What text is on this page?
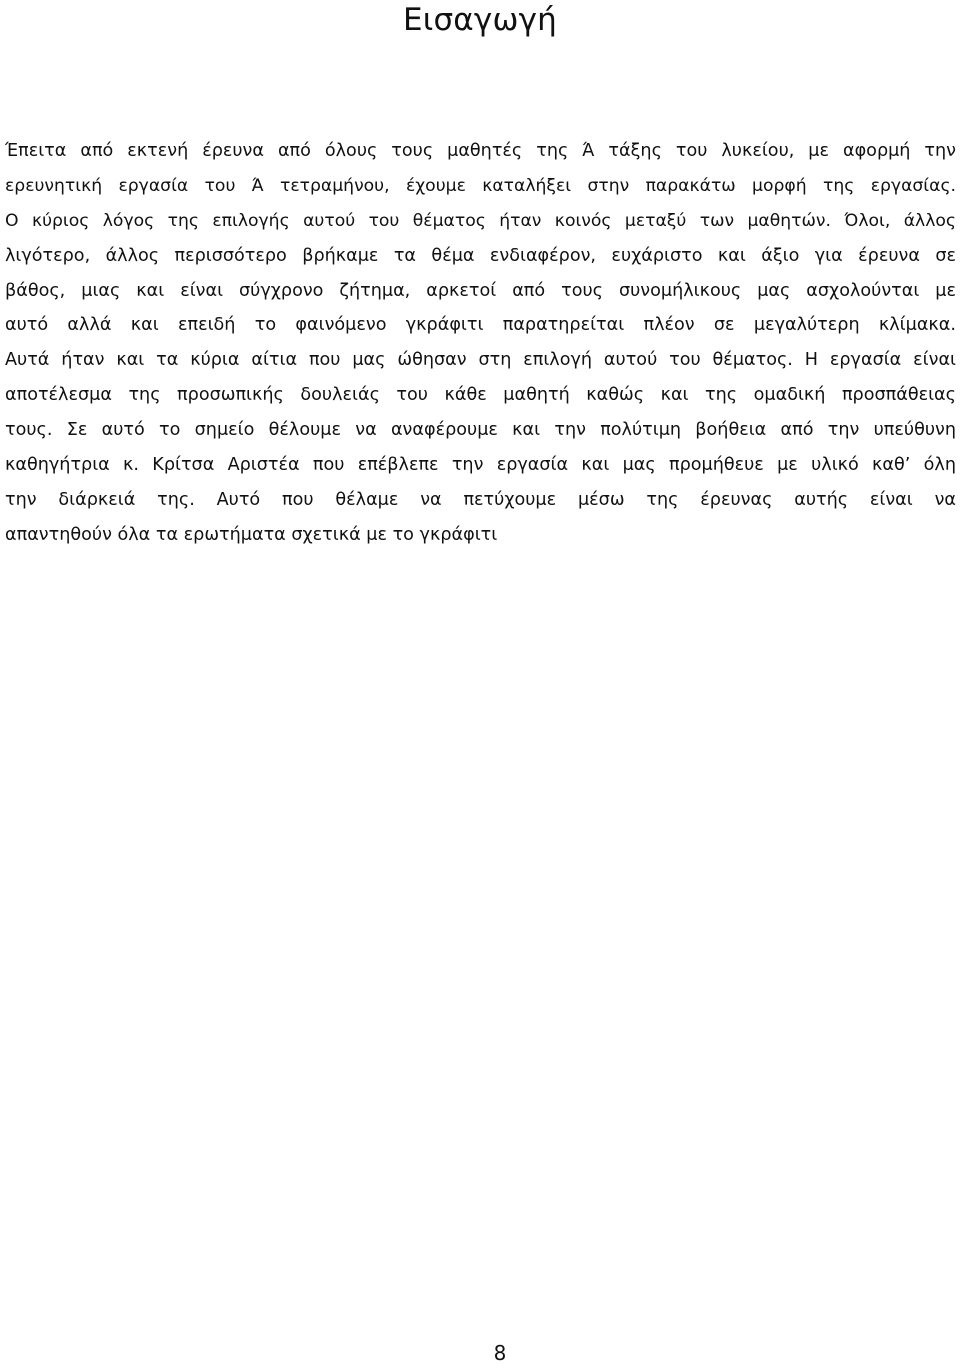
Εισαγωγή
Έπειτα από εκτενή έρευνα από όλους τους μαθητές της Ά τάξης του λυκείου, με αφορμή την
ερευνητική εργασία του Ά τετραμήνου, έχουμε καταλήξει στην παρακάτω μορφή της εργασίας.
Ο κύριος λόγος της επιλογής αυτού του θέματος ήταν κοινός μεταξύ των μαθητών. Όλοι, άλλος
λιγότερο, άλλος περισσότερο βρήκαμε τα θέμα ενδιαφέρον, ευχάριστο και άξιο για έρευνα σε
βάθος, μιας και είναι σύγχρονο ζήτημα, αρκετοί από τους συνομήλικους μας ασχολούνται με
αυτό αλλά και επειδή το φαινόμενο γκράφιτι παρατηρείται πλέον σε μεγαλύτερη κλίμακα.
Αυτά ήταν και τα κύρια αίτια που μας ώθησαν στη επιλογή αυτού του θέματος. Η εργασία είναι
αποτέλεσμα της προσωπικής δουλειάς του κάθε μαθητή καθώς και της ομαδική προσπάθειας
τους. Σε αυτό το σημείο θέλουμε να αναφέρουμε και την πολύτιμη βοήθεια από την υπεύθυνη
καθηγήτρια κ. Κρίτσα Αριστέα που επέβλεπε την εργασία και μας προμήθευε με υλικό καθ’ όλη
την διάρκειά της. Αυτό που θέλαμε να πετύχουμε μέσω της έρευνας αυτής είναι να
απαντηθούν όλα τα ερωτήματα σχετικά με το γκράφιτι
8
